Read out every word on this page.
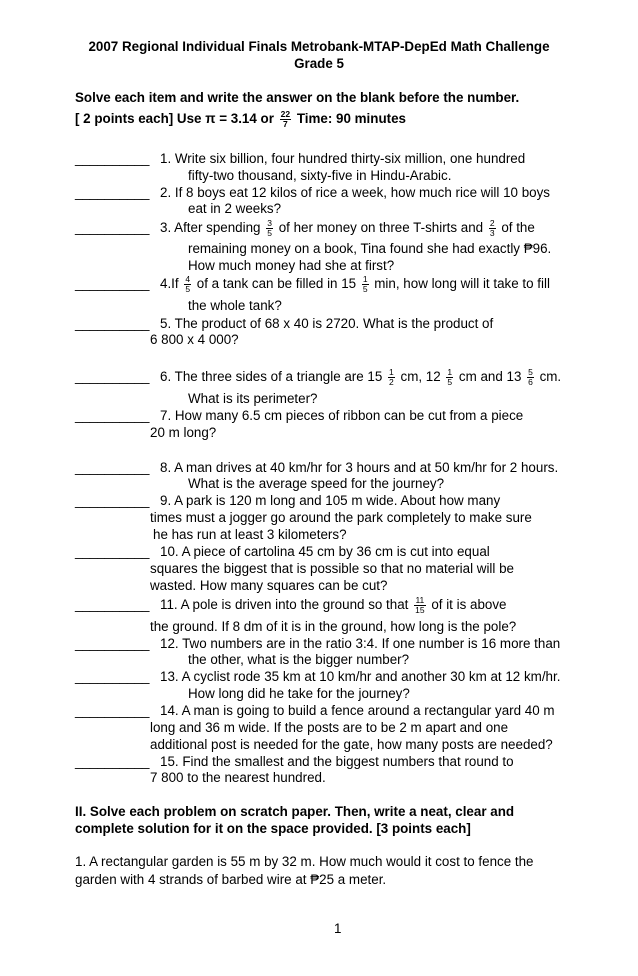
2007 Regional Individual Finals Metrobank-MTAP-DepEd Math Challenge
Grade 5
Solve each item and write the answer on the blank before the number.
[ 2 points each] Use π = 3.14 or $\frac{22}{7}$ Time: 90 minutes
__________ 1. Write six billion, four hundred thirty-six million, one hundred
fifty-two thousand, sixty-five in Hindu-Arabic.
__________ 2. If 8 boys eat 12 kilos of rice a week, how much rice will 10 boys
eat in 2 weeks?
__________ 3. After spending $\frac{3}{5}$ of her money on three T-shirts and $\frac{2}{3}$ of the
remaining money on a book, Tina found she had exactly ₱96.
How much money had she at first?
__________ $4.If \frac{4}{5}$ of a tank can be filled in $15 \frac{1}{5} \min$, how long will it take to fill
the whole tank?
__________ 5. The product of 68 x 40 is 2720. What is the product of
6 800 x 4 000?
__________ 6. The three sides of a triangle are $15 \frac{1}{2}$ cm, $12 \frac{1}{5}$ cm and $13 \frac{5}{6}$ cm.
What is its perimeter?
__________ 7. How many 6.5 cm pieces of ribbon can be cut from a piece
20 m long?
__________ 8. A man drives at 40 km/hr for 3 hours and at 50 km/hr for 2 hours.
What is the average speed for the journey?
__________ 9. A park is 120 m long and 105 m wide. About how many
times must a jogger go around the park completely to make sure
he has run at least 3 kilometers?
__________ 10. A piece of cartolina 45 cm by 36 cm is cut into equal
squares the biggest that is possible so that no material will be
wasted. How many squares can be cut?
__________ 11. A pole is driven into the ground so that $\frac{11}{15}$ of it is above
the ground. If 8 dm of it is in the ground, how long is the pole?
__________ 12. Two numbers are in the ratio 3:4. If one number is 16 more than
the other, what is the bigger number?
__________ 13. A cyclist rode 35 km at 10 km/hr and another 30 km at 12 km/hr.
How long did he take for the journey?
__________ 14. A man is going to build a fence around a rectangular yard 40 m
long and 36 m wide. If the posts are to be 2 m apart and one
additional post is needed for the gate, how many posts are needed?
__________ 15. Find the smallest and the biggest numbers that round to
7 800 to the nearest hundred.
II. Solve each problem on scratch paper. Then, write a neat, clear and
complete solution for it on the space provided. [3 points each]
1. A rectangular garden is 55 m by 32 m. How much would it cost to fence the
garden with 4 strands of barbed wire at ₱25 a meter.
1
